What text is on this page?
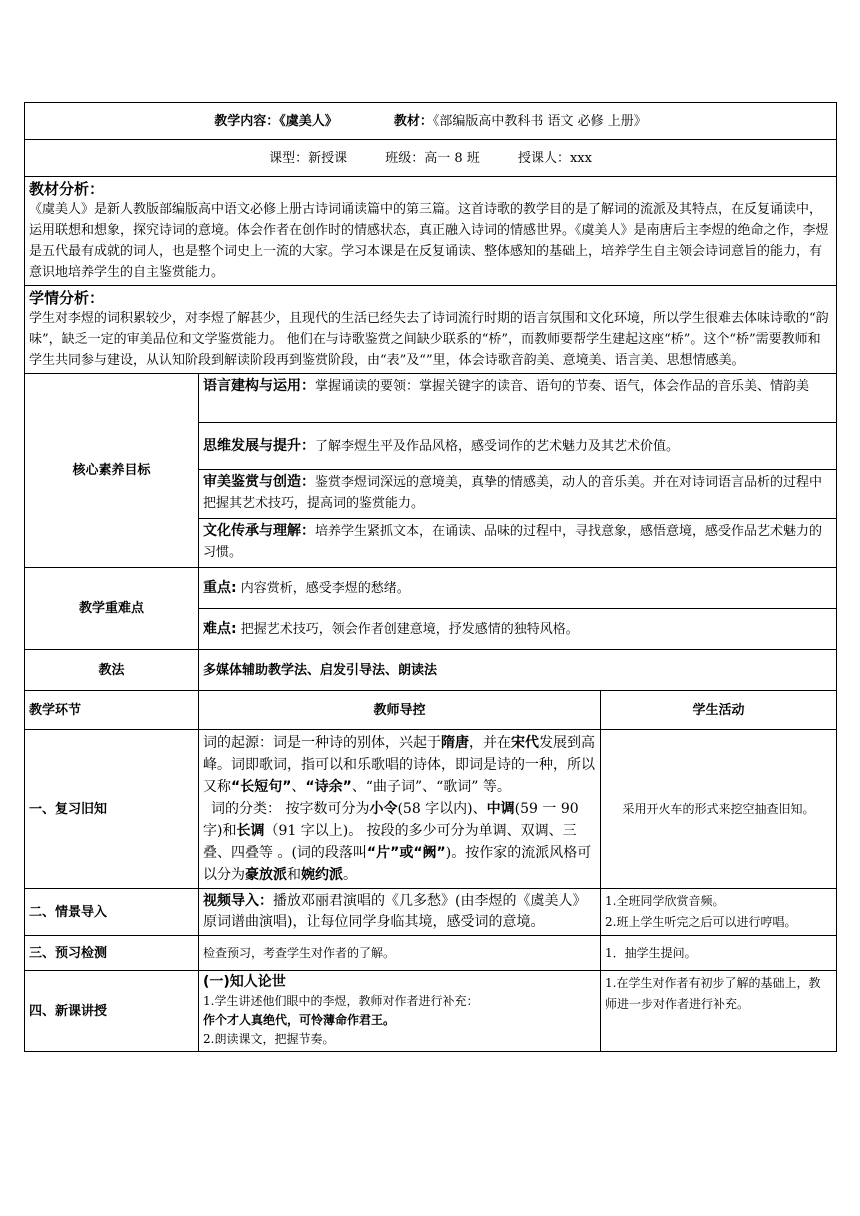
教学内容：《虞美人》 教材：《部编版高中教科书 语文 必修 上册》		
课型：新授课 班级：高一 8 班 授课人：xxx		

教材分析：
《虞美人》是新人教版部编版高中语文必修上册古诗词诵读篇中的第三篇。这首诗歌的教学目的是了解词的流派及其特点，在反复诵读中，运用联想和想象，探究诗词的意境。体会作者在创作时的情感状态，真正融入诗词的情感世界。《虞美人》是南唐后主李煜的绝命之作，李煜是五代最有成就的词人，也是整个词史上一流的大家。学习本课是在反复诵读、整体感知的基础上，培养学生自主领会诗词意旨的能力，有意识地培养学生的自主鉴赏能力。		

学情分析：
学生对李煜的词积累较少，对李煜了解甚少，且现代的生活已经失去了诗词流行时期的语言氛围和文化环境，所以学生很难去体味诗歌的“韵味”，缺乏一定的审美品位和文学鉴赏能力。 他们在与诗歌鉴赏之间缺少联系的“桥”，而教师要帮学生建起这座“桥”。这个“桥”需要教师和学生共同参与建设，从认知阶段到解读阶段再到鉴赏阶段，由“表”及“”里，体会诗歌音韵美、意境美、语言美、思想情感美。		

核心素养目标	语言建构与运用：掌握诵读的要领：掌握关键字的读音、语句的节奏、语气，体会作品的音乐美、情韵美	
	思维发展与提升：了解李煜生平及作品风格，感受词作的艺术魅力及其艺术价值。	
	审美鉴赏与创造：鉴赏李煜词深远的意境美，真挚的情感美，动人的音乐美。并在对诗词语言品析的过程中把握其艺术技巧，提高词的鉴赏能力。	
	文化传承与理解：培养学生紧抓文本，在诵读、品味的过程中，寻找意象，感悟意境，感受作品艺术魅力的习惯。	
教学重难点	重点: 内容赏析，感受李煜的愁绪。	
	难点: 把握艺术技巧，领会作者创建意境，抒发感情的独特风格。	
教法	多媒体辅助教学法、启发引导法、朗读法	
教学环节	教师导控	学生活动
一、复习旧知	词的起源：词是一种诗的别体，兴起于隋唐，并在宋代发展到高峰。词即歌词，指可以和乐歌唱的诗体，即词是诗的一种，所以又称“长短句”、“诗余”、“曲子词”、“歌词” 等。
词的分类： 按字数可分为小令(58 字以内)、中调(59 一 90 字)和长调（91 字以上)。 按段的多少可分为单调、双调、三叠、四叠等 。(词的段落叫“片”或“阙”)。按作家的流派风格可以分为豪放派和婉约派。	采用开火车的形式来挖空抽查旧知。
二、情景导入	视频导入：播放邓丽君演唱的《几多愁》(由李煜的《虞美人》原词谱曲演唱)，让每位同学身临其境，感受词的意境。	1.全班同学欣赏音频。
2.班上学生听完之后可以进行哼唱。

三、预习检测	检查预习，考查学生对作者的了解。	1．抽学生提问。
四、新课讲授	(一)知人论世
1.学生讲述他们眼中的李煜，教师对作者进行补充：
作个才人真绝代，可怜薄命作君王。
2.朗读课文，把握节奏。	1.在学生对作者有初步了解的基础上，教师进一步对作者进行补充。
